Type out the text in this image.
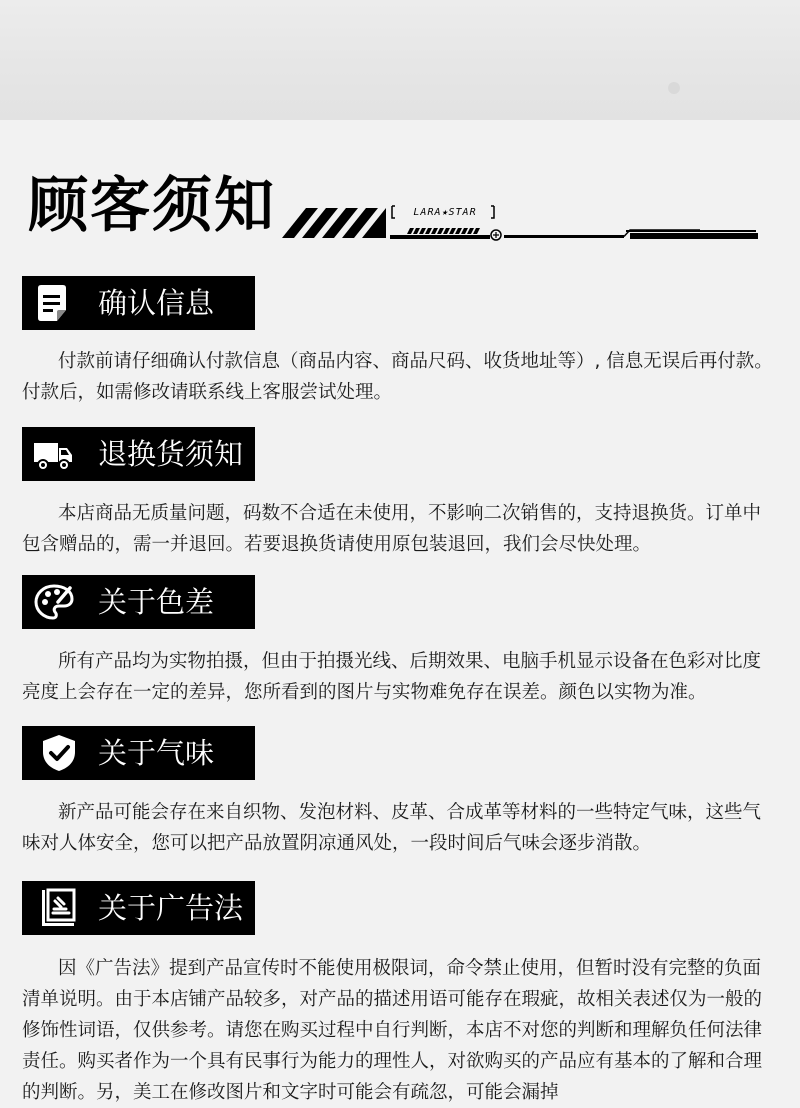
顾客须知	LARA★STAR
确认信息

付款前请仔细确认付款信息（商品内容、商品尺码、收货地址等）, 信息无误后再付款。付款后，如需修改请联系线上客服尝试处理。

退换货须知

本店商品无质量问题，码数不合适在未使用，不影响二次销售的，支持退换货。订单中包含赠品的，需一并退回。若要退换货请使用原包装退回，我们会尽快处理。

关于色差

所有产品均为实物拍摄，但由于拍摄光线、后期效果、电脑手机显示设备在色彩对比度亮度上会存在一定的差异，您所看到的图片与实物难免存在误差。颜色以实物为准。

关于气味

新产品可能会存在来自织物、发泡材料、皮革、合成革等材料的一些特定气味，这些气味对人体安全，您可以把产品放置阴凉通风处，一段时间后气味会逐步消散。

关于广告法

因《广告法》提到产品宣传时不能使用极限词，命令禁止使用，但暂时没有完整的负面清单说明。由于本店铺产品较多，对产品的描述用语可能存在瑕疵，故相关表述仅为一般的修饰性词语，仅供参考。请您在购买过程中自行判断，本店不对您的判断和理解负任何法律责任。购买者作为一个具有民事行为能力的理性人，对欲购买的产品应有基本的了解和合理的判断。另，美工在修改图片和文字时可能会有疏忽，可能会漏掉
